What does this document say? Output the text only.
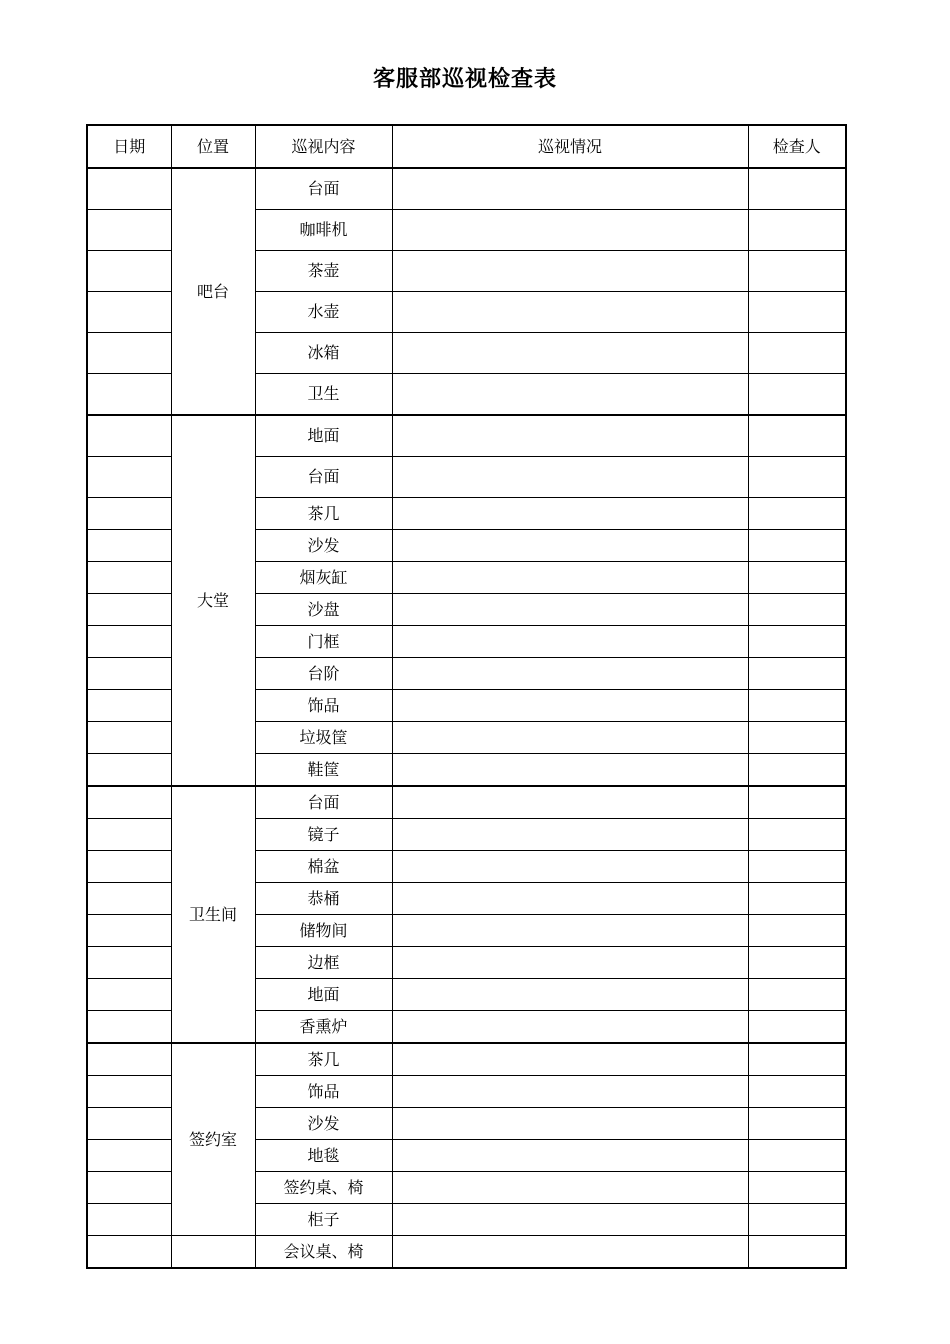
客服部巡视检查表
日期	位置	巡视内容	巡视情况	检查人
	吧台	台面		
		咖啡机		
		茶壶		
		水壶		
		冰箱		
		卫生		
	大堂	地面		
		台面		
		茶几		
		沙发		
		烟灰缸		
		沙盘		
		门框		
		台阶		
		饰品		
		垃圾筐		
		鞋筐		
	卫生间	台面		
		镜子		
		棉盆		
		恭桶		
		储物间		
		边框		
		地面		
		香熏炉		
	签约室	茶几		
		饰品		
		沙发		
		地毯		
		签约桌、椅		
		柜子		
		会议桌、椅		
